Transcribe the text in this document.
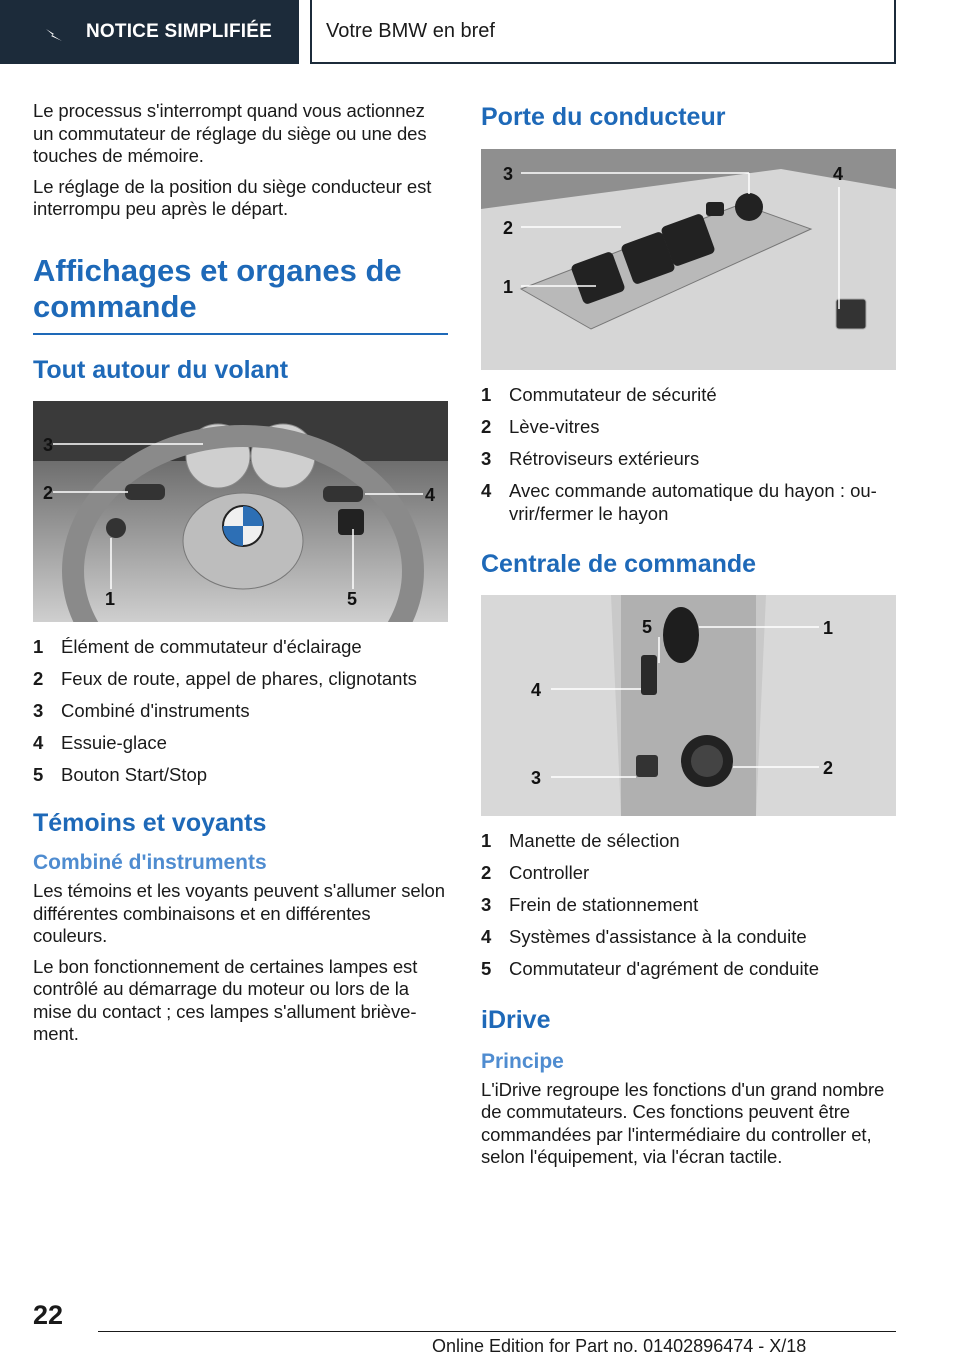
NOTICE SIMPLIFIÉE	Votre BMW en bref

Le processus s'interrompt quand vous actionnez un commutateur de réglage du siège ou une des touches de mémoire.

Le réglage de la position du siège conducteur est interrompu peu après le départ.

Affichages et organes de commande
Tout autour du volant
3
2	4
1	5
1 Élément de commutateur d'éclairage
2 Feux de route, appel de phares, clignotants
3 Combiné d'instruments
4 Essuie-glace
5 Bouton Start/Stop
Témoins et voyants
Combiné d'instruments

Les témoins et les voyants peuvent s'allumer selon différentes combinaisons et en différentes couleurs.

Le bon fonctionnement de certaines lampes est contrôlé au démarrage du moteur ou lors de la mise du contact ; ces lampes s'allument brièvement.

Porte du conducteur
3
2
1
4
1 Commutateur de sécurité
2 Lève-vitres
3 Rétroviseurs extérieurs
4 Avec commande automatique du hayon : ouvrir/fermer le hayon
Centrale de commande
5	1
4
3	2
1 Manette de sélection
2 Controller
3 Frein de stationnement
4 Systèmes d'assistance à la conduite
5 Commutateur d'agrément de conduite
iDrive
Principe

L'iDrive regroupe les fonctions d'un grand nombre de commutateurs. Ces fonctions peuvent être commandées par l'intermédiaire du controller et, selon l'équipement, via l'écran tactile.

22
Online Edition for Part no. 01402896474 - X/18
